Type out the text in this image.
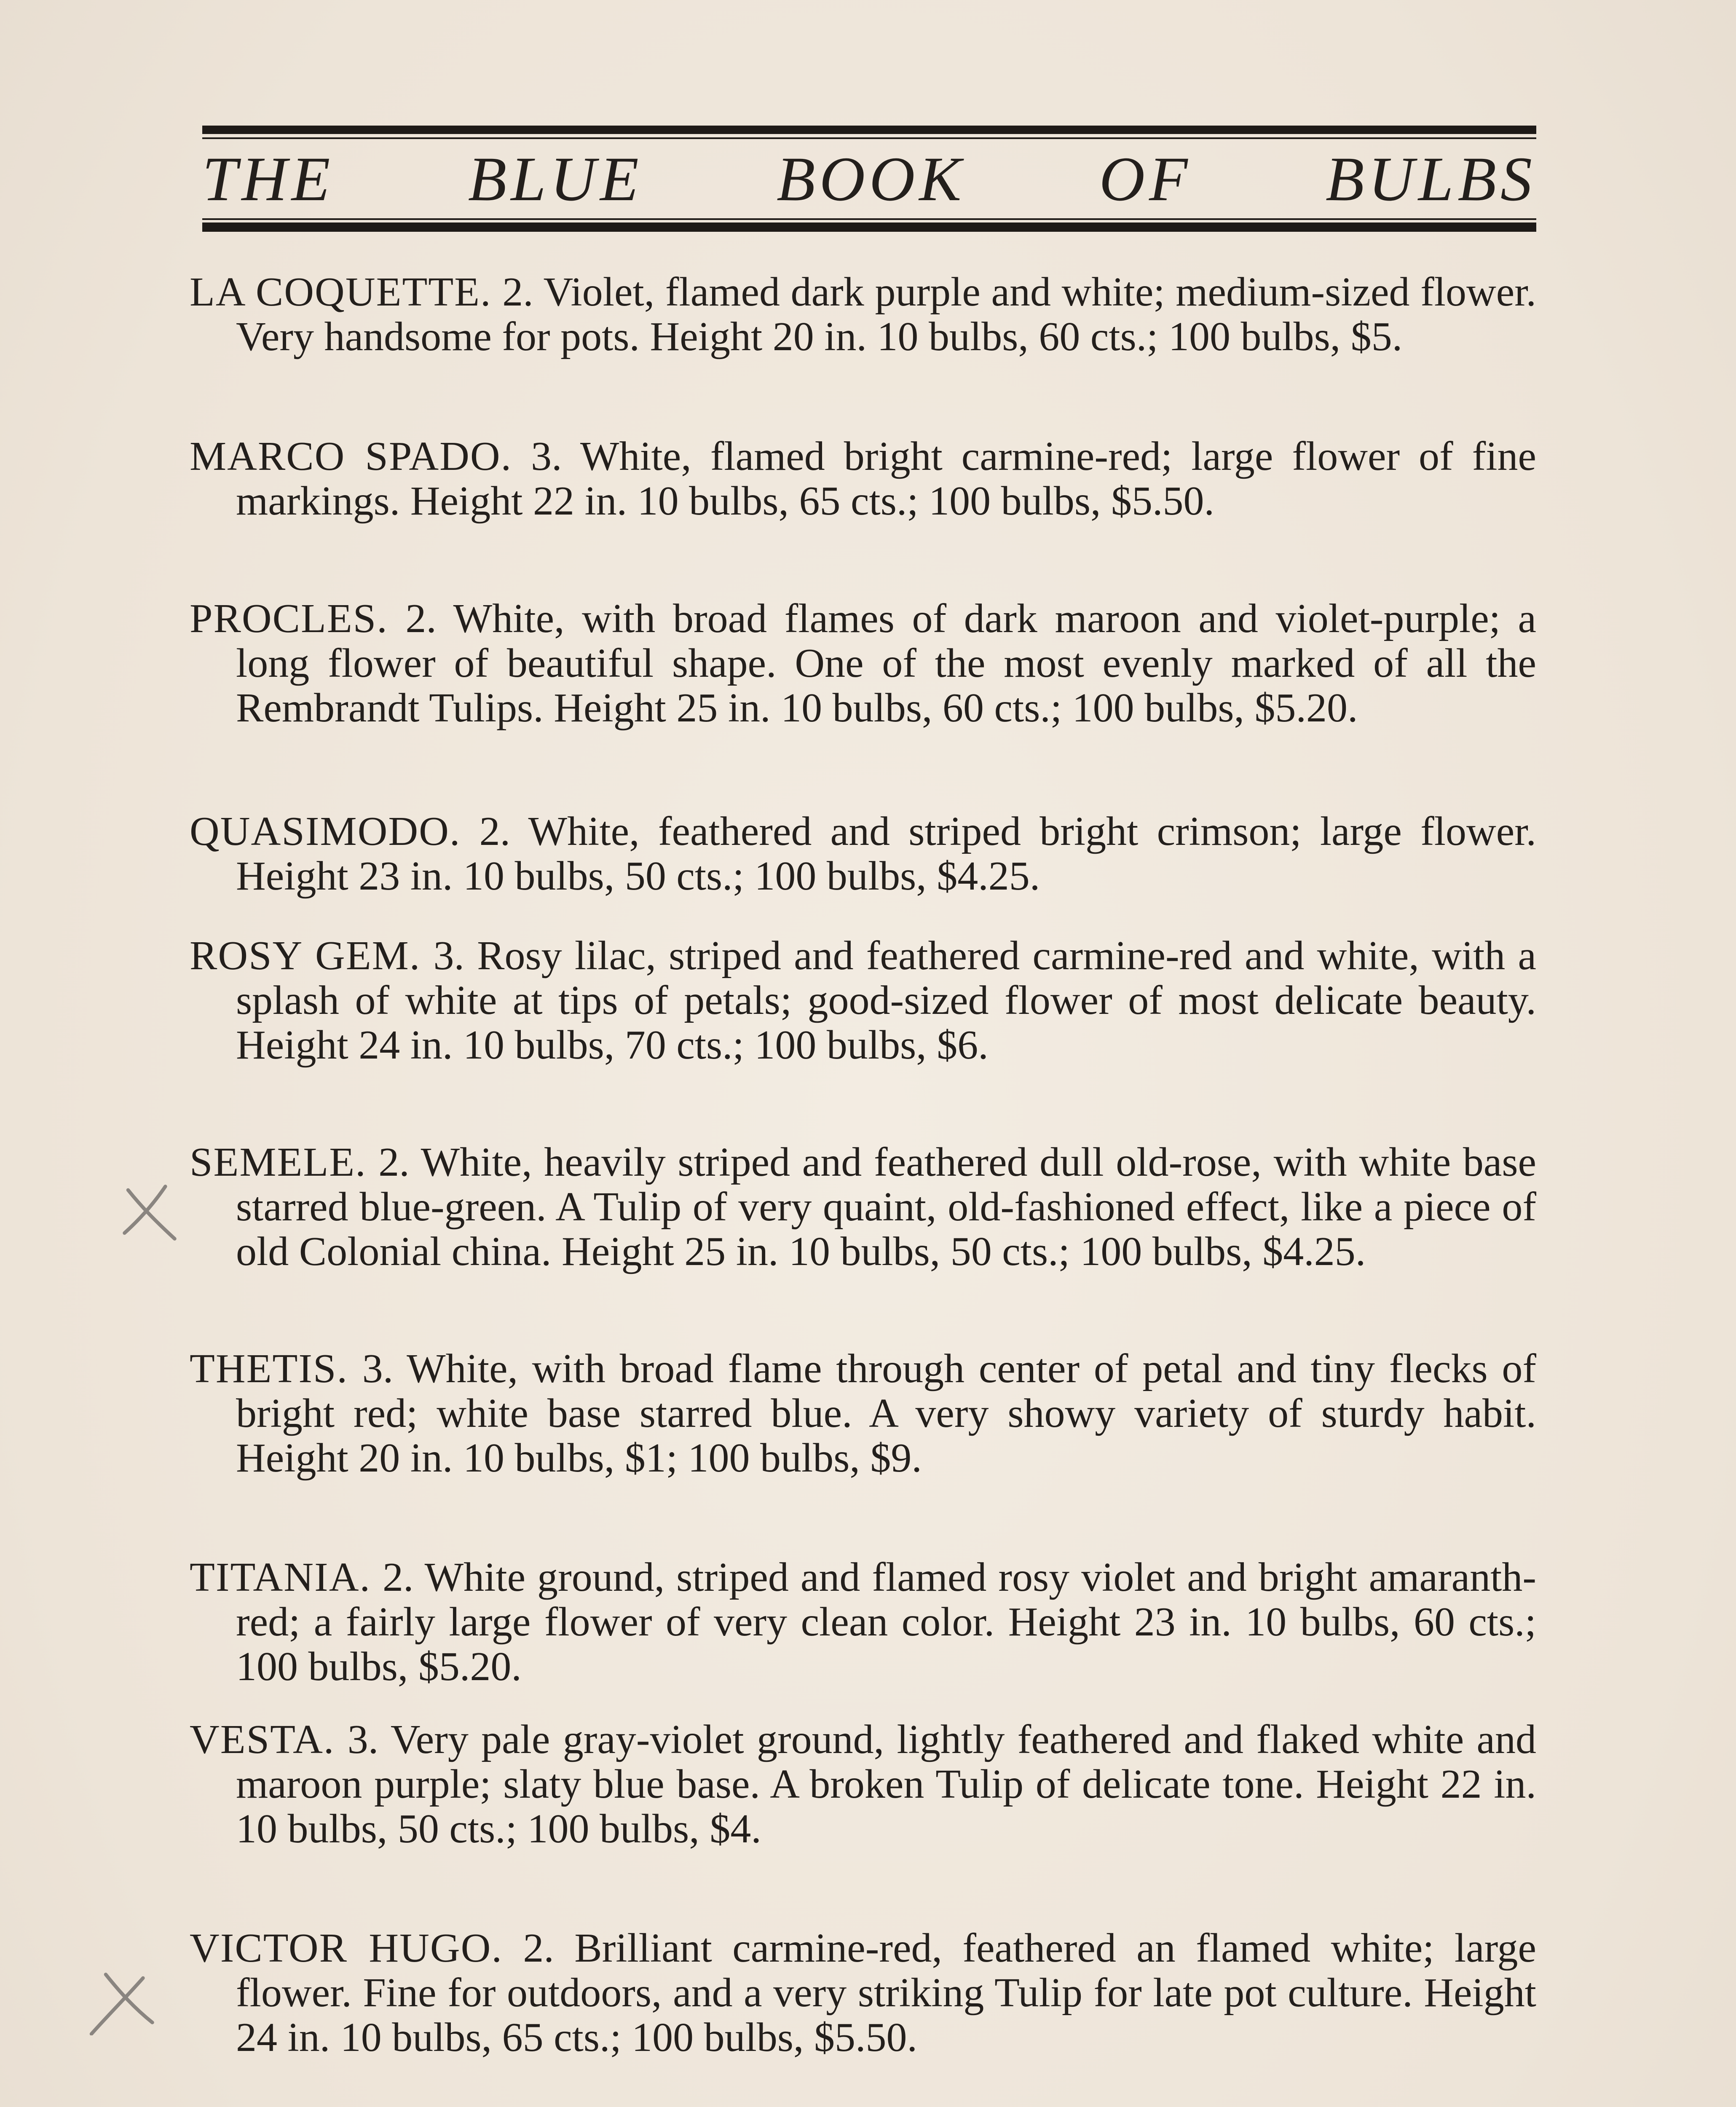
THE BLUE BOOK OF BULBS

LA COQUETTE. 2. Violet, flamed dark purple and white; medium-sized flower. Very handsome for pots. Height 20 in. 10 bulbs, 60 cts.; 100 bulbs, $5.

MARCO SPADO. 3. White, flamed bright carmine-red; large flower of fine markings. Height 22 in. 10 bulbs, 65 cts.; 100 bulbs, $5.50.

PROCLES. 2. White, with broad flames of dark maroon and violet-purple; a long flower of beautiful shape. One of the most evenly marked of all the Rembrandt Tulips. Height 25 in. 10 bulbs, 60 cts.; 100 bulbs, $5.20.

QUASIMODO. 2. White, feathered and striped bright crimson; large flower. Height 23 in. 10 bulbs, 50 cts.; 100 bulbs, $4.25.

ROSY GEM. 3. Rosy lilac, striped and feathered carmine-red and white, with a splash of white at tips of petals; good-sized flower of most delicate beauty. Height 24 in. 10 bulbs, 70 cts.; 100 bulbs, $6.

SEMELE. 2. White, heavily striped and feathered dull old-rose, with white base starred blue-green. A Tulip of very quaint, old-fashioned effect, like a piece of old Colonial china. Height 25 in. 10 bulbs, 50 cts.; 100 bulbs, $4.25.

THETIS. 3. White, with broad flame through center of petal and tiny flecks of bright red; white base starred blue. A very showy variety of sturdy habit. Height 20 in. 10 bulbs, $1; 100 bulbs, $9.

TITANIA. 2. White ground, striped and flamed rosy violet and bright amaranth-red; a fairly large flower of very clean color. Height 23 in. 10 bulbs, 60 cts.; 100 bulbs, $5.20.

VESTA. 3. Very pale gray-violet ground, lightly feathered and flaked white and maroon purple; slaty blue base. A broken Tulip of delicate tone. Height 22 in. 10 bulbs, 50 cts.; 100 bulbs, $4.

VICTOR HUGO. 2. Brilliant carmine-red, feathered an flamed white; large flower. Fine for outdoors, and a very striking Tulip for late pot culture. Height 24 in. 10 bulbs, 65 cts.; 100 bulbs, $5.50.
